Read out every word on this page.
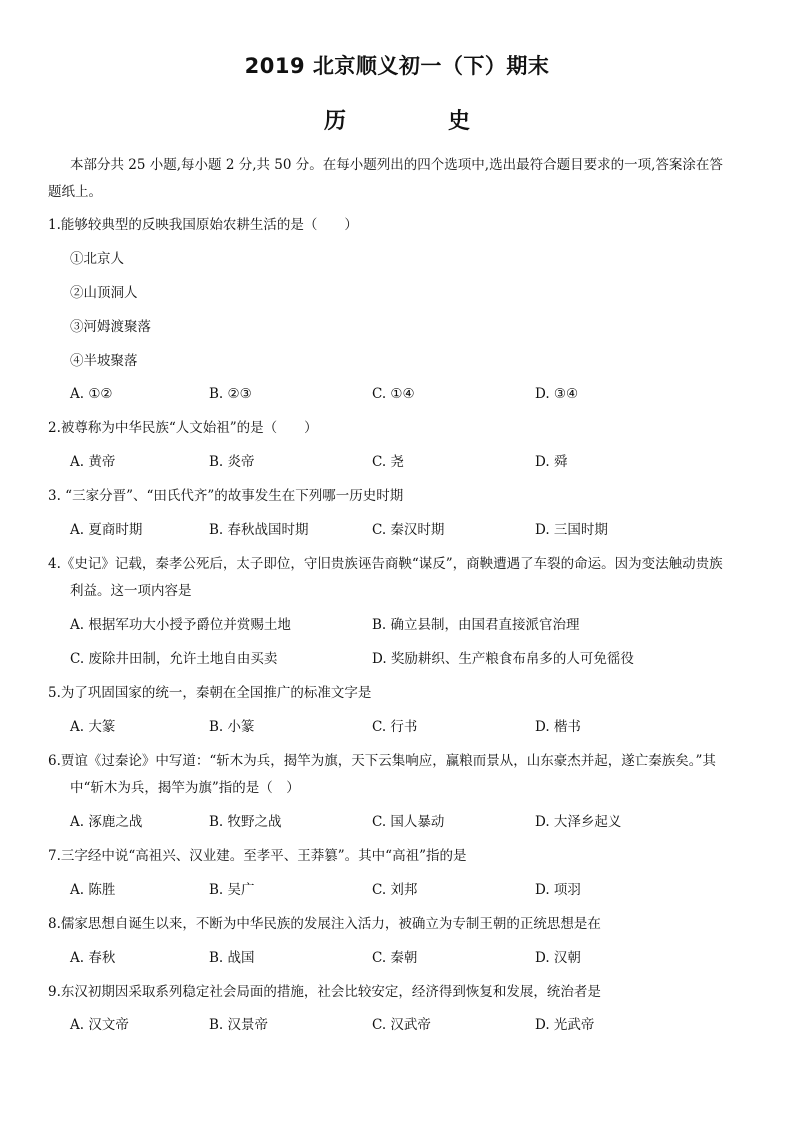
2019 北京顺义初一（下）期末
历　史
本部分共 25 小题,每小题 2 分,共 50 分。在每小题列出的四个选项中,选出最符合题目要求的一项,答案涂在答
题纸上。
1.能够较典型的反映我国原始农耕生活的是（　　）
①北京人
②山顶洞人
③河姆渡聚落
④半坡聚落
A. ①②	B. ②③	C. ①④	D. ③④
2.被尊称为中华民族“人文始祖”的是（　　）
A. 黄帝	B. 炎帝	C. 尧	D. 舜
3. “三家分晋”、“田氏代齐”的故事发生在下列哪一历史时期
A. 夏商时期	B. 春秋战国时期	C. 秦汉时期	D. 三国时期
4.《史记》记载，秦孝公死后，太子即位，守旧贵族诬告商鞅“谋反”，商鞅遭遇了车裂的命运。因为变法触动贵族
利益。这一项内容是
A. 根据军功大小授予爵位并赏赐土地	B. 确立县制，由国君直接派官治理
C. 废除井田制，允许土地自由买卖	D. 奖励耕织、生产粮食布帛多的人可免徭役
5.为了巩固国家的统一，秦朝在全国推广的标准文字是
A. 大篆	B. 小篆	C. 行书	D. 楷书
6.贾谊《过秦论》中写道：“斩木为兵，揭竿为旗，天下云集响应，赢粮而景从，山东豪杰并起，遂亡秦族矣。”其
中“斩木为兵，揭竿为旗”指的是（　）
A. 涿鹿之战	B. 牧野之战	C. 国人暴动	D. 大泽乡起义
7.三字经中说“高祖兴、汉业建。至孝平、王莽篡”。其中“高祖”指的是
A. 陈胜	B. 吴广	C. 刘邦	D. 项羽
8.儒家思想自诞生以来，不断为中华民族的发展注入活力，被确立为专制王朝的正统思想是在
A. 春秋	B. 战国	C. 秦朝	D. 汉朝
9.东汉初期因采取系列稳定社会局面的措施，社会比较安定，经济得到恢复和发展，统治者是
A. 汉文帝	B. 汉景帝	C. 汉武帝	D. 光武帝
